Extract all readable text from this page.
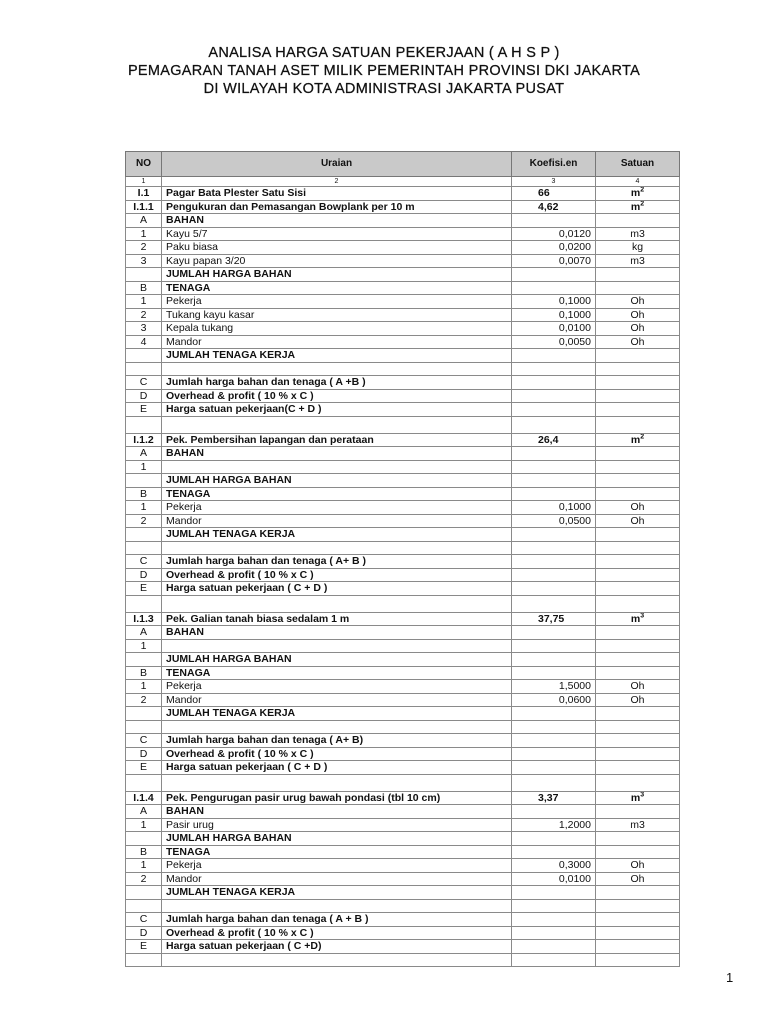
ANALISA HARGA SATUAN PEKERJAAN ( A H S P )
PEMAGARAN TANAH ASET MILIK PEMERINTAH PROVINSI DKI JAKARTA
DI WILAYAH KOTA ADMINISTRASI JAKARTA PUSAT
NO	Uraian	Koefisi.en	Satuan
1	2	3	4
I.1	Pagar Bata Plester Satu Sisi	66	$m^2$
I.1.1	Pengukuran dan Pemasangan Bowplank per 10 m	4,62	$m^2$
A	BAHAN		
1	Kayu 5/7	0,0120	m3
2	Paku biasa	0,0200	kg
3	Kayu papan 3/20	0,0070	m3
	JUMLAH HARGA BAHAN		
B	TENAGA		
1	Pekerja	0,1000	Oh
2	Tukang kayu kasar	0,1000	Oh
3	Kepala tukang	0,0100	Oh
4	Mandor	0,0050	Oh
	JUMLAH TENAGA KERJA		

C	Jumlah harga bahan dan tenaga ( A +B )		
D	Overhead & profit ( 10 % x C )		
E	Harga satuan pekerjaan(C + D )		

I.1.2	Pek. Pembersihan lapangan dan perataan	26,4	$m^2$
A	BAHAN		
1			
	JUMLAH HARGA BAHAN		
B	TENAGA		
1	Pekerja	0,1000	Oh
2	Mandor	0,0500	Oh
	JUMLAH TENAGA KERJA		

C	Jumlah harga bahan dan tenaga ( A+ B )		
D	Overhead & profit ( 10 % x C )		
E	Harga satuan pekerjaan ( C + D )		

I.1.3	Pek. Galian tanah biasa sedalam 1 m	37,75	$m^3$
A	BAHAN		
1			
	JUMLAH HARGA BAHAN		
B	TENAGA		
1	Pekerja	1,5000	Oh
2	Mandor	0,0600	Oh
	JUMLAH TENAGA KERJA		

C	Jumlah harga bahan dan tenaga ( A+ B)		
D	Overhead & profit ( 10 % x C )		
E	Harga satuan pekerjaan ( C + D )		

I.1.4	Pek. Pengurugan pasir urug bawah pondasi (tbl 10 cm)	3,37	$m^3$
A	BAHAN		
1	Pasir urug	1,2000	m3
	JUMLAH HARGA BAHAN		
B	TENAGA		
1	Pekerja	0,3000	Oh
2	Mandor	0,0100	Oh
	JUMLAH TENAGA KERJA		

C	Jumlah harga bahan dan tenaga ( A + B )		
D	Overhead & profit ( 10 % x C )		
E	Harga satuan pekerjaan ( C +D)		

1
